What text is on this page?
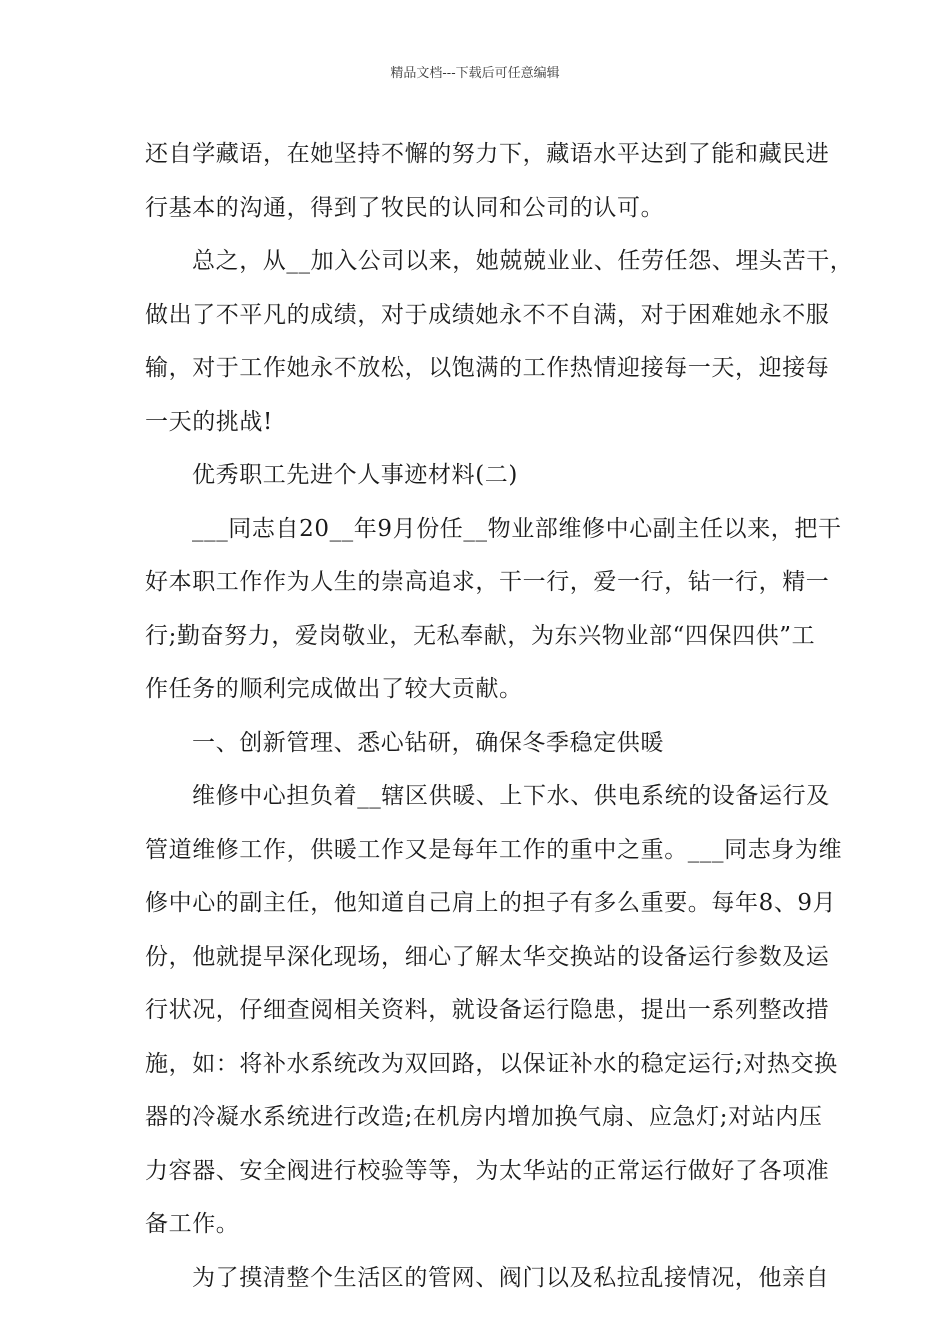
精品文档---下载后可任意编辑

还自学藏语，在她坚持不懈的努力下，藏语水平达到了能和藏民进

行基本的沟通，得到了牧民的认同和公司的认可。

总之，从__加入公司以来，她兢兢业业、任劳任怨、埋头苦干，

做出了不平凡的成绩，对于成绩她永不不自满，对于困难她永不服

输，对于工作她永不放松，以饱满的工作热情迎接每一天，迎接每

一天的挑战!

优秀职工先进个人事迹材料(二)

___同志自20__年9月份任__物业部维修中心副主任以来，把干

好本职工作作为人生的崇高追求，干一行，爱一行，钻一行，精一

行;勤奋努力，爱岗敬业，无私奉献，为东兴物业部“四保四供”工

作任务的顺利完成做出了较大贡献。

一、创新管理、悉心钻研，确保冬季稳定供暖

维修中心担负着__辖区供暖、上下水、供电系统的设备运行及

管道维修工作，供暖工作又是每年工作的重中之重。___同志身为维

修中心的副主任，他知道自己肩上的担子有多么重要。每年8、9月

份，他就提早深化现场，细心了解太华交换站的设备运行参数及运

行状况，仔细查阅相关资料，就设备运行隐患，提出一系列整改措

施，如：将补水系统改为双回路，以保证补水的稳定运行;对热交换

器的冷凝水系统进行改造;在机房内增加换气扇、应急灯;对站内压

力容器、安全阀进行校验等等，为太华站的正常运行做好了各项准

备工作。

为了摸清整个生活区的管网、阀门以及私拉乱接情况，他亲自
